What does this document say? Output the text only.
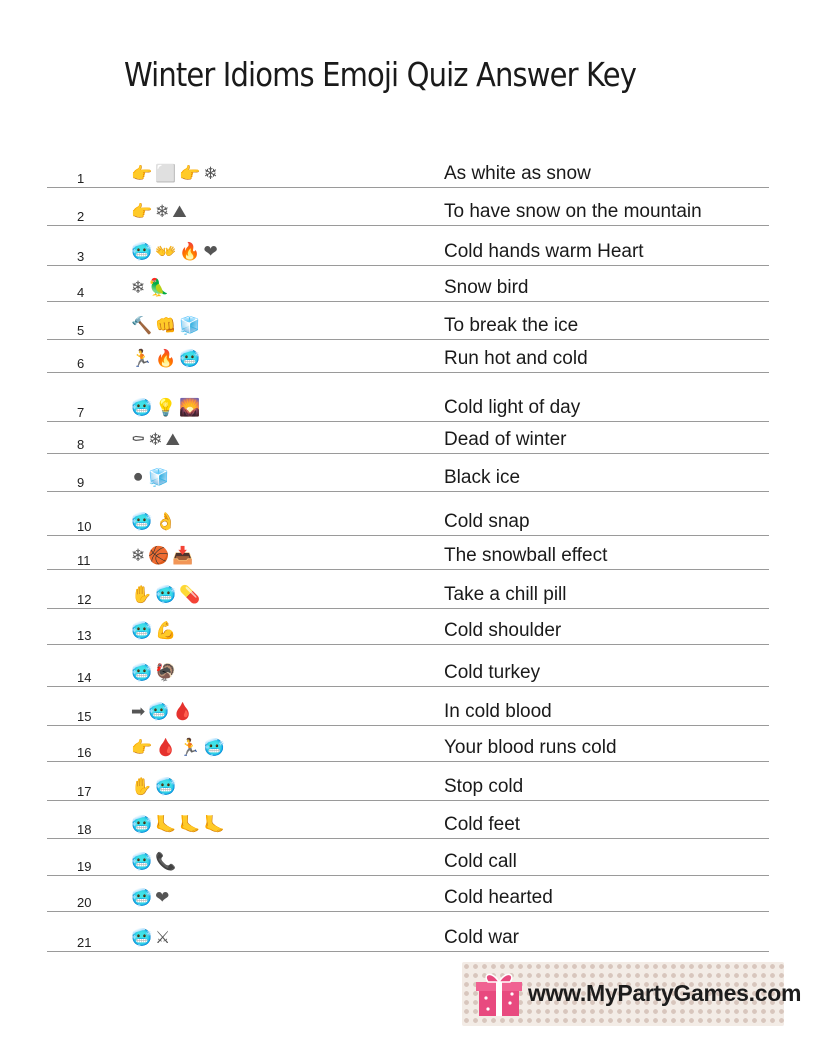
Winter Idioms Emoji Quiz Answer Key
1	👉⬜👉❄	As white as snow
2	👉❄⛰	To have snow on the mountain
3	🥶👐🔥❤	Cold hands warm Heart
4	❄🦜	Snow bird
5	🔨👊🧊	To break the ice
6	🏃🔥🥶	Run hot and cold
7	🥶💡🌄	Cold light of day
8	⚰❄⛰	Dead of winter
9	⚫🧊	Black ice
10	🥶👌	Cold snap
11	❄🏀📥	The snowball effect
12	✋🥶💊	Take a chill pill
13	🥶💪	Cold shoulder
14	🥶🦃	Cold turkey
15	➡🥶🩸	In cold blood
16	👉🩸🏃🥶	Your blood runs cold
17	✋🥶	Stop cold
18	🥶🦶🦶🦶	Cold feet
19	🥶📞	Cold call
20	🥶❤	Cold hearted
21	🥶⚔	Cold war
www.MyPartyGames.com
